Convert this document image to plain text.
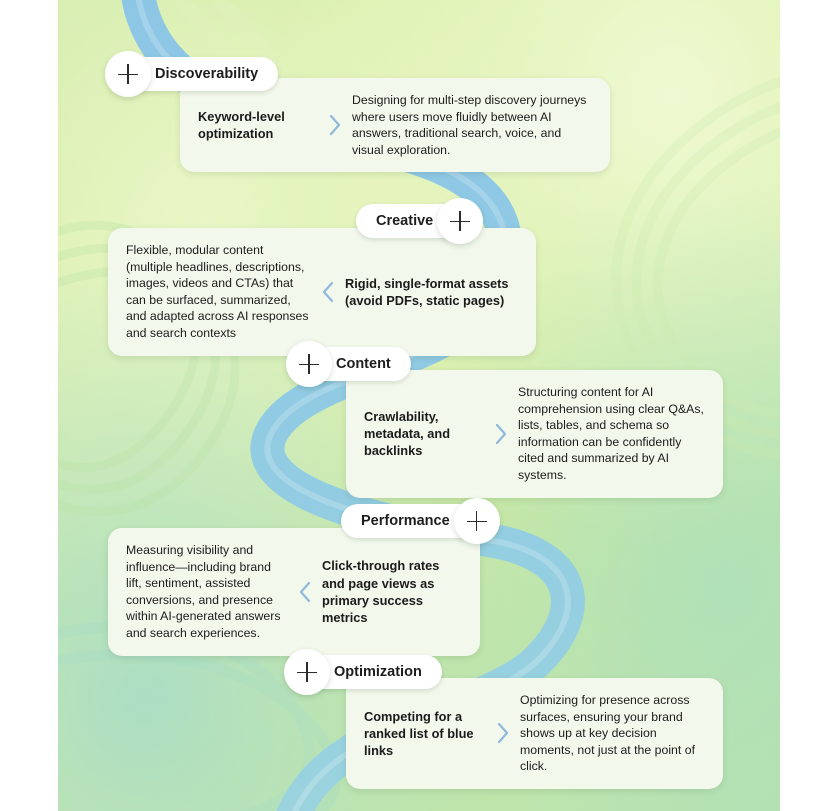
Discoverability
Keyword-level optimization
Designing for multi-step discovery journeys where users move fluidly between AI answers, traditional search, voice, and visual exploration.
Creative
Flexible, modular content (multiple headlines, descriptions, images, videos and CTAs) that can be surfaced, summarized, and adapted across AI responses and search contexts
Rigid, single-format assets (avoid PDFs, static pages)
Content
Crawlability, metadata, and backlinks
Structuring content for AI comprehension using clear Q&As, lists, tables, and schema so information can be confidently cited and summarized by AI systems.
Performance
Measuring visibility and influence—including brand lift, sentiment, assisted conversions, and presence within AI-generated answers and search experiences.
Click-through rates and page views as primary success metrics
Optimization
Competing for a ranked list of blue links
Optimizing for presence across surfaces, ensuring your brand shows up at key decision moments, not just at the point of click.
